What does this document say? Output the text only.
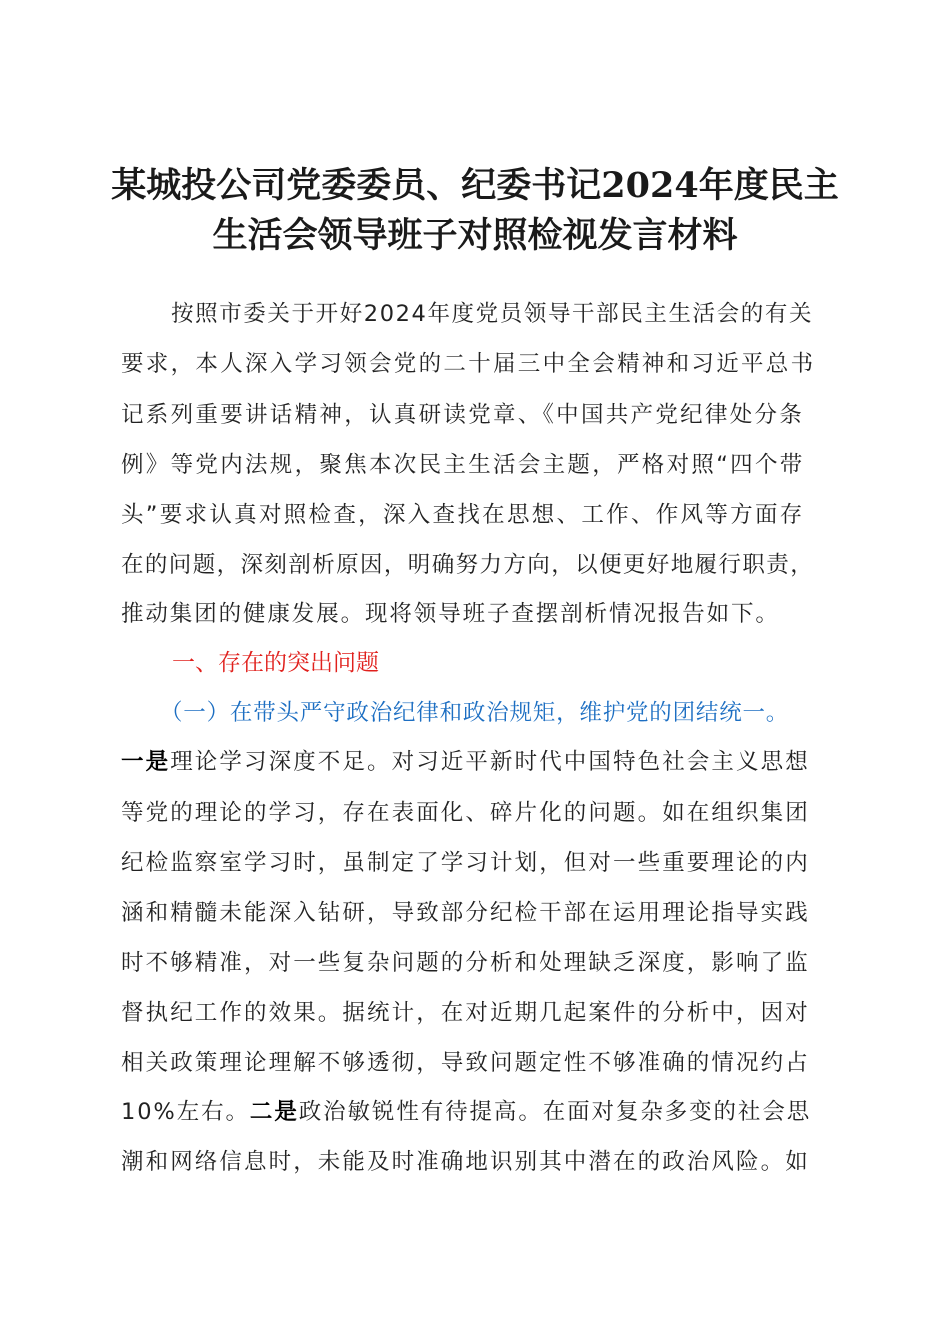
某城投公司党委委员、纪委书记2024年度民主
生活会领导班子对照检视发言材料
按照市委关于开好2024年度党员领导干部民主生活会的有关
要求，本人深入学习领会党的二十届三中全会精神和习近平总书
记系列重要讲话精神，认真研读党章、《中国共产党纪律处分条
例》等党内法规，聚焦本次民主生活会主题，严格对照“四个带
头”要求认真对照检查，深入查找在思想、工作、作风等方面存
在的问题，深刻剖析原因，明确努力方向，以便更好地履行职责，
推动集团的健康发展。现将领导班子查摆剖析情况报告如下。
一、存在的突出问题
（一）在带头严守政治纪律和政治规矩，维护党的团结统一。
一是理论学习深度不足。对习近平新时代中国特色社会主义思想
等党的理论的学习，存在表面化、碎片化的问题。如在组织集团
纪检监察室学习时，虽制定了学习计划，但对一些重要理论的内
涵和精髓未能深入钻研，导致部分纪检干部在运用理论指导实践
时不够精准，对一些复杂问题的分析和处理缺乏深度，影响了监
督执纪工作的效果。据统计，在对近期几起案件的分析中，因对
相关政策理论理解不够透彻，导致问题定性不够准确的情况约占
10%左右。二是政治敏锐性有待提高。在面对复杂多变的社会思
潮和网络信息时，未能及时准确地识别其中潜在的政治风险。如
